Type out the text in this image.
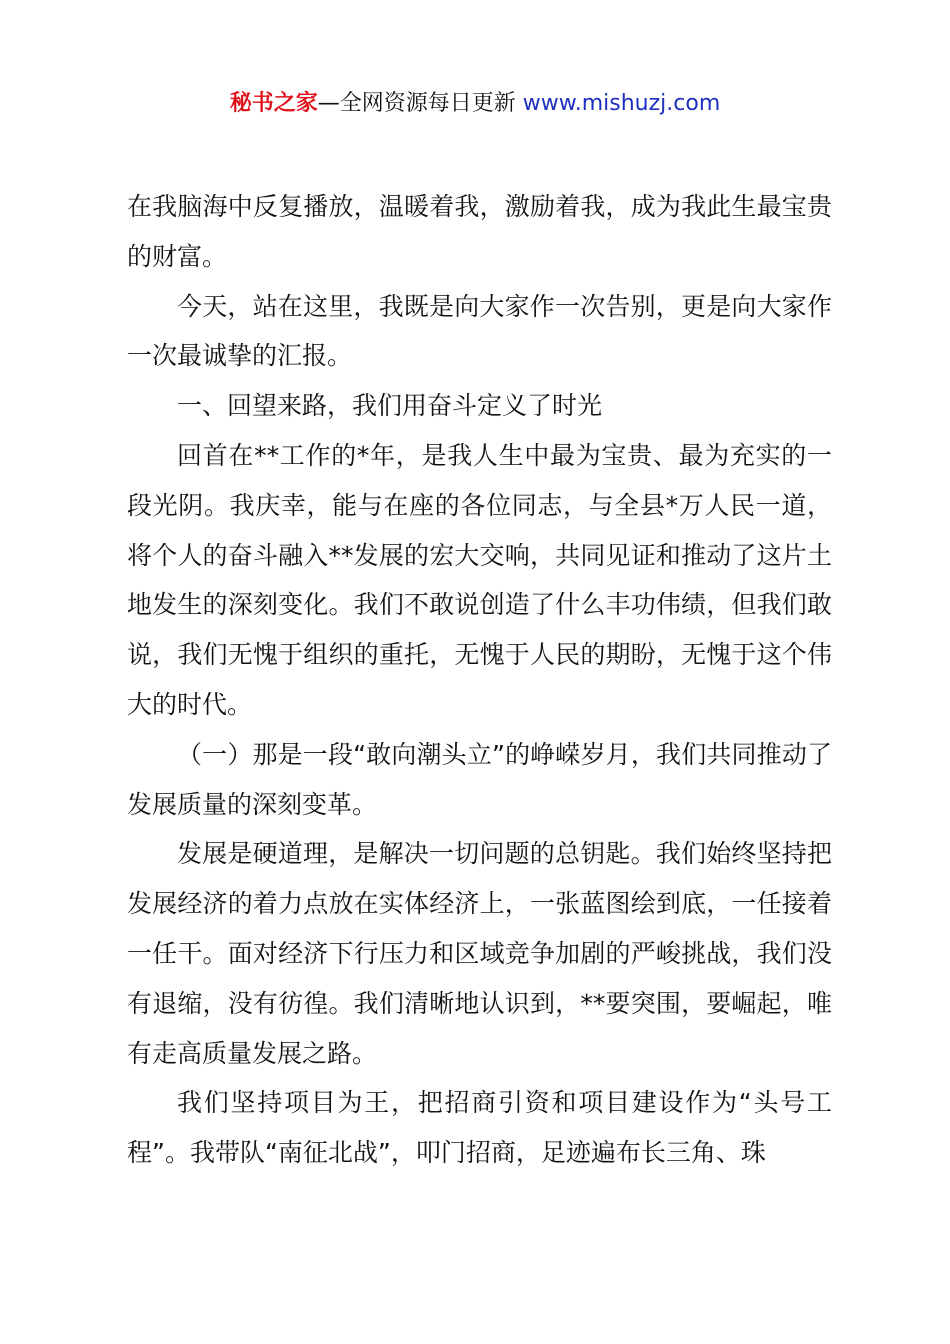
秘书之家—全网资源每日更新 www.mishuzj.com

在我脑海中反复播放，温暖着我，激励着我，成为我此生最宝贵的财富。

今天，站在这里，我既是向大家作一次告别，更是向大家作一次最诚挚的汇报。

一、回望来路，我们用奋斗定义了时光

回首在**工作的*年，是我人生中最为宝贵、最为充实的一段光阴。我庆幸，能与在座的各位同志，与全县*万人民一道，将个人的奋斗融入**发展的宏大交响，共同见证和推动了这片土地发生的深刻变化。我们不敢说创造了什么丰功伟绩，但我们敢说，我们无愧于组织的重托，无愧于人民的期盼，无愧于这个伟大的时代。

（一）那是一段“敢向潮头立”的峥嵘岁月，我们共同推动了发展质量的深刻变革。

发展是硬道理，是解决一切问题的总钥匙。我们始终坚持把发展经济的着力点放在实体经济上，一张蓝图绘到底，一任接着一任干。面对经济下行压力和区域竞争加剧的严峻挑战，我们没有退缩，没有彷徨。我们清晰地认识到，**要突围，要崛起，唯有走高质量发展之路。

我们坚持项目为王，把招商引资和项目建设作为“头号工程”。我带队“南征北战”，叩门招商，足迹遍布长三角、珠
